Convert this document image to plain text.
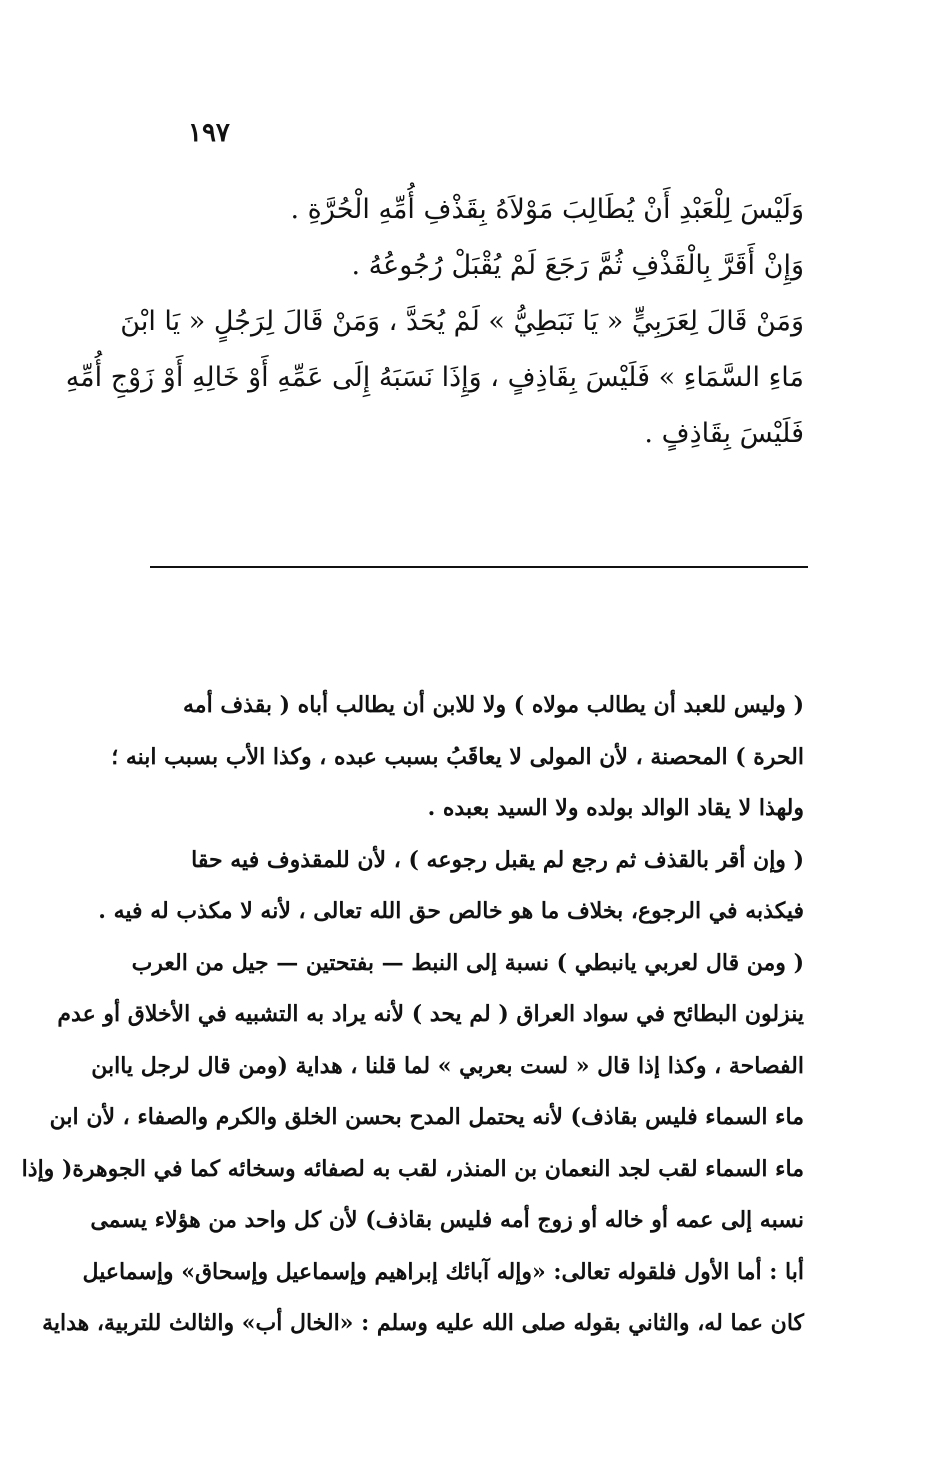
١٩٧

وَلَيْسَ لِلْعَبْدِ أَنْ يُطَالِبَ مَوْلاَهُ بِقَذْفِ أُمِّهِ الْحُرَّةِ .

وَإِنْ أَقَرَّ بِالْقَذْفِ ثُمَّ رَجَعَ لَمْ يُقْبَلْ رُجُوعُهُ .

وَمَنْ قَالَ لِعَرَبِيٍّ « يَا نَبَطِيُّ » لَمْ يُحَدَّ ، وَمَنْ قَالَ لِرَجُلٍ « يَا ابْنَ
مَاءِ السَّمَاءِ » فَلَيْسَ بِقَاذِفٍ ، وَإِذَا نَسَبَهُ إِلَى عَمِّهِ أَوْ خَالِهِ أَوْ زَوْجِ أُمِّهِ
فَلَيْسَ بِقَاذِفٍ .

( وليس للعبد أن يطالب مولاه ) ولا للابن أن يطالب أباه ( بقذف أمه
الحرة ) المحصنة ، لأن المولى لا يعاقَبُ بسبب عبده ، وكذا الأب بسبب ابنه ؛
ولهذا لا يقاد الوالد بولده ولا السيد بعبده .

( وإن أقر بالقذف ثم رجع لم يقبل رجوعه ) ، لأن للمقذوف فيه حقا
فيكذبه في الرجوع، بخلاف ما هو خالص حق الله تعالى ، لأنه لا مكذب له فيه .

( ومن قال لعربي يانبطي ) نسبة إلى النبط — بفتحتين — جيل من العرب
ينزلون البطائح في سواد العراق ( لم يحد ) لأنه يراد به التشبيه في الأخلاق أو عدم
الفصاحة ، وكذا إذا قال « لست بعربي » لما قلنا ، هداية (ومن قال لرجل ياابن
ماء السماء فليس بقاذف) لأنه يحتمل المدح بحسن الخلق والكرم والصفاء ، لأن ابن
ماء السماء لقب لجد النعمان بن المنذر، لقب به لصفائه وسخائه كما في الجوهرة( وإذا
نسبه إلى عمه أو خاله أو زوج أمه فليس بقاذف) لأن كل واحد من هؤلاء يسمى
أبا : أما الأول فلقوله تعالى: «وإله آبائك إبراهيم وإسماعيل وإسحاق» وإسماعيل
كان عما له، والثاني بقوله صلى الله عليه وسلم : «الخال أب» والثالث للتربية، هداية
